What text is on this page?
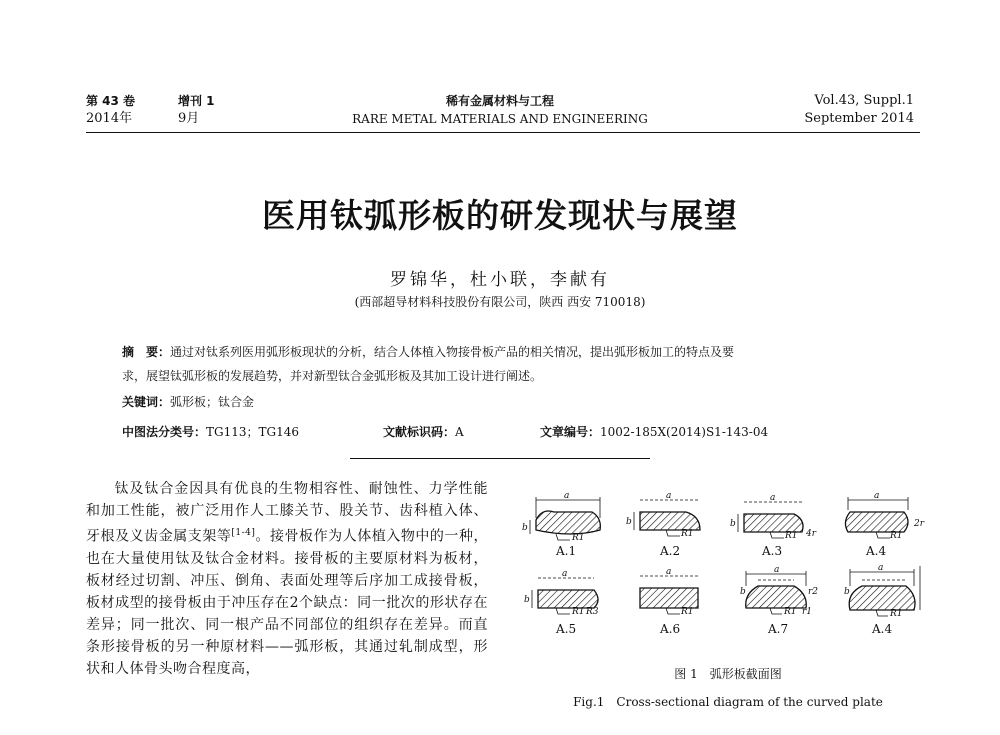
第 43 卷	增刊 1
2014年	9月
稀有金属材料与工程
RARE METAL MATERIALS AND ENGINEERING
Vol.43, Suppl.1
September 2014
医用钛弧形板的研发现状与展望
罗锦华，杜小联，李献有
(西部超导材料科技股份有限公司，陕西 西安 710018)
摘　要：通过对钛系列医用弧形板现状的分析，结合人体植入物接骨板产品的相关情况，提出弧形板加工的特点及要
求，展望钛弧形板的发展趋势，并对新型钛合金弧形板及其加工设计进行阐述。
关键词：弧形板；钛合金
中图法分类号：TG113；TG146	文献标识码：A	文章编号：1002-185X(2014)S1-143-04
钛及钛合金因具有优良的生物相容性、耐蚀性、力学性能和加工性能，被广泛用作人工膝关节、股关节、齿科植入体、牙根及义齿金属支架等[1-4]。接骨板作为人体植入物中的一种，也在大量使用钛及钛合金材料。接骨板的主要原材料为板材，板材经过切割、冲压、倒角、表面处理等后序加工成接骨板，板材成型的接骨板由于冲压存在2个缺点：同一批次的形状存在差异；同一批次、同一根产品不同部位的组织存在差异。而直条形接骨板的另一种原材料——弧形板，其通过轧制成型，形状和人体骨头吻合程度高，
a	a	a	a
b
b	b
R1	R1	R1 4r	R1
2r
a	a	a	a
b
b	b
R1 R3	R1	R1 r1
r2
R1
A.1	A.2	A.3	A.4
A.5	A.6	A.7	A.4
图 1　弧形板截面图
Fig.1　Cross-sectional diagram of the curved plate
